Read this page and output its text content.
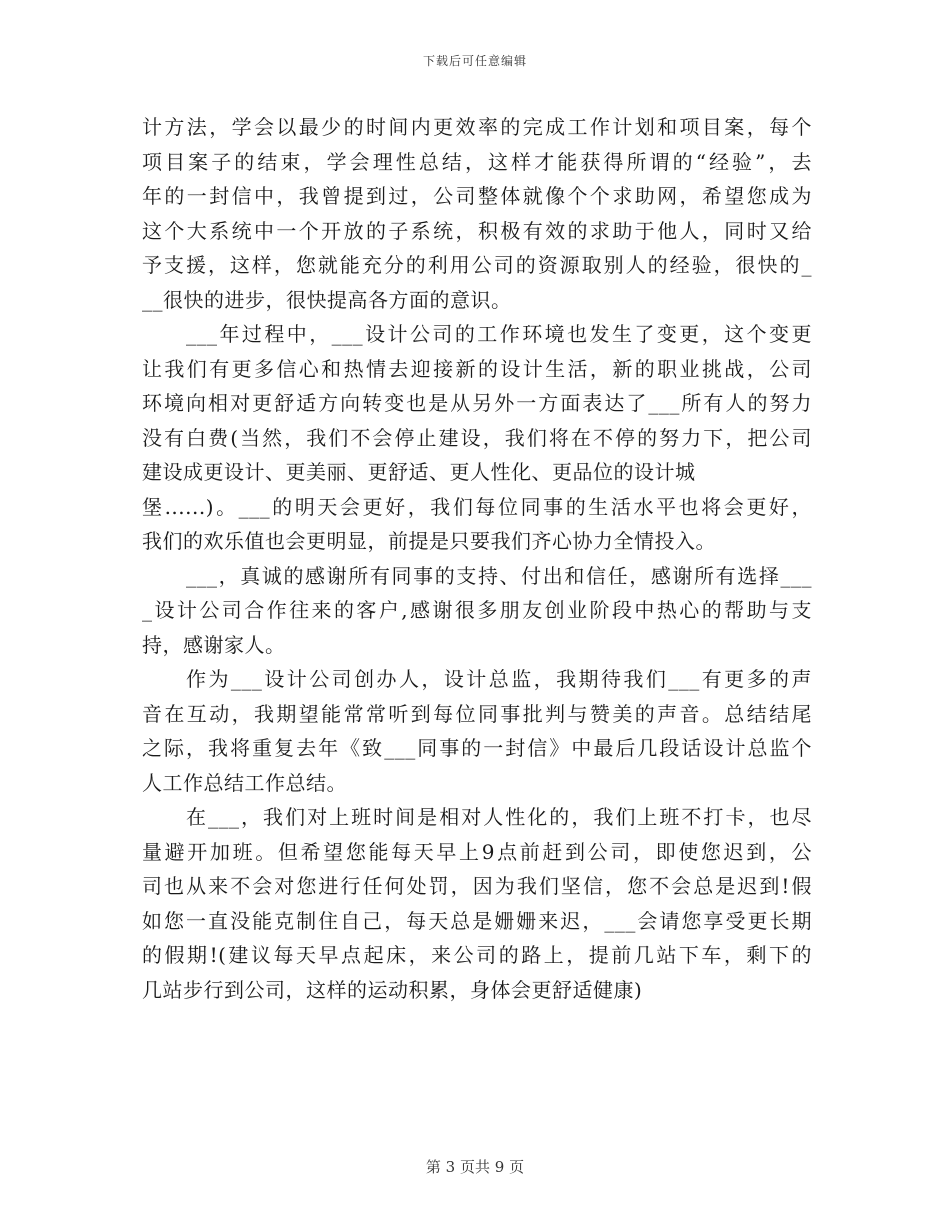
下载后可任意编辑
计方法，学会以最少的时间内更效率的完成工作计划和项目案，每个
项目案子的结束，学会理性总结，这样才能获得所谓的“经验”，去
年的一封信中，我曾提到过，公司整体就像个个求助网，希望您成为
这个大系统中一个开放的子系统，积极有效的求助于他人，同时又给
予支援，这样，您就能充分的利用公司的资源取别人的经验，很快的_
__很快的进步，很快提高各方面的意识。
___年过程中，___设计公司的工作环境也发生了变更，这个变更
让我们有更多信心和热情去迎接新的设计生活，新的职业挑战，公司
环境向相对更舒适方向转变也是从另外一方面表达了___所有人的努力
没有白费(当然，我们不会停止建设，我们将在不停的努力下，把公司
建设成更设计、更美丽、更舒适、更人性化、更品位的设计城
堡......)。___的明天会更好，我们每位同事的生活水平也将会更好，
我们的欢乐值也会更明显，前提是只要我们齐心协力全情投入。
___，真诚的感谢所有同事的支持、付出和信任，感谢所有选择___
_设计公司合作往来的客户,感谢很多朋友创业阶段中热心的帮助与支
持，感谢家人。
作为___设计公司创办人，设计总监，我期待我们___有更多的声
音在互动，我期望能常常听到每位同事批判与赞美的声音。总结结尾
之际，我将重复去年《致___同事的一封信》中最后几段话设计总监个
人工作总结工作总结。
在___，我们对上班时间是相对人性化的，我们上班不打卡，也尽
量避开加班。但希望您能每天早上9点前赶到公司，即使您迟到，公
司也从来不会对您进行任何处罚，因为我们坚信，您不会总是迟到!假
如您一直没能克制住自己，每天总是姗姗来迟，___会请您享受更长期
的假期!(建议每天早点起床，来公司的路上，提前几站下车，剩下的
几站步行到公司，这样的运动积累，身体会更舒适健康)
第 3 页共 9 页
